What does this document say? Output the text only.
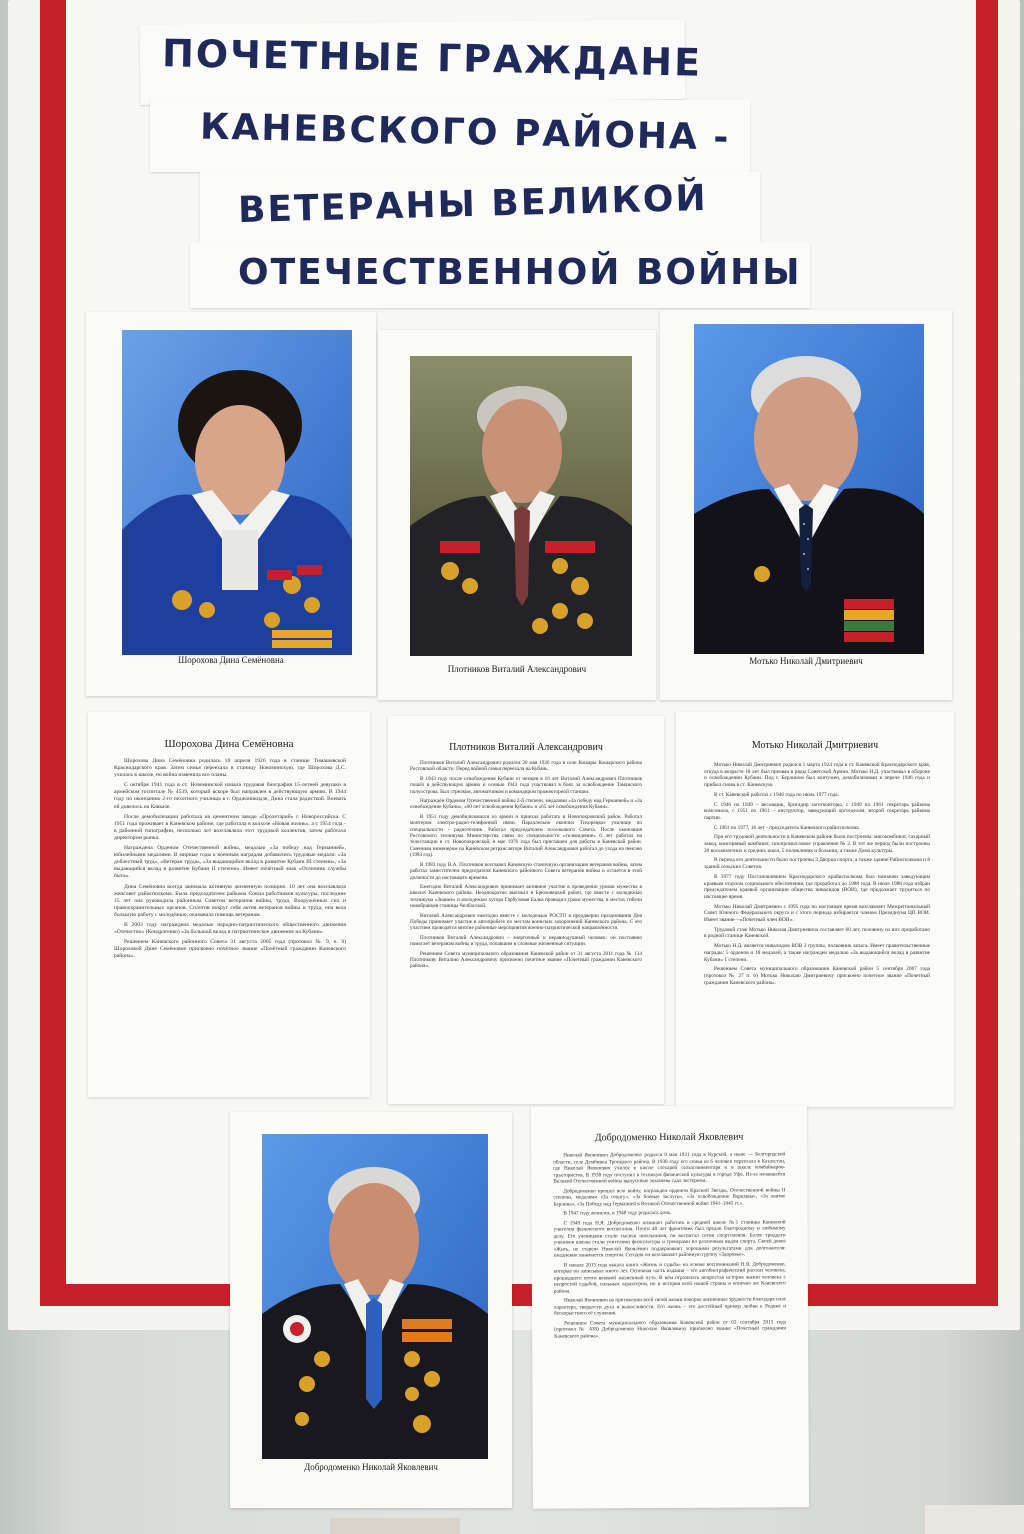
ПОЧЕТНЫЕ ГРАЖДАНЕ
КАНЕВСКОГО РАЙОНА -
ВЕТЕРАНЫ ВЕЛИКОЙ
ОТЕЧЕСТВЕННОЙ ВОЙНЫ
Шорохова Дина Семёновна
Плотников Виталий Александрович
Мотько Николай Дмитриевич
Шорохова Дина Семёновна

Шорохова Дина Семёновна родилась 18 апреля 1926 года в станице Тимашевской Краснодарского края. Затем семья переехала в станицу Новоминскую, где Шорохова Д.С. училась в школе, но война изменила все планы.

С октября 1941 года в ст. Новоминской начала трудовая биография 15-летней девушки в армейском госпитале № 4539, который вскоре был направлен в действующую армию. В 1944 году по окончанию 2-го пехотного училища в г. Орджоникидзе, Дина стала радисткой. Воевать ей довелось на Кавказе.

После демобилизации работала на цементном заводе «Пролетарий» г. Новороссийска. С 1951 года проживает в Каневском районе, где работала в колхозе «Новая жизнь», а с 1954 года - в районной типографии, несколько лет возглавляла этот трудовой коллектив, затем работала директором рынка.

Награждена Орденом Отечественной войны, медалью «За победу над Германией», юбилейными медалями. В мирные годы к военным наградам добавились трудовые медали: «За доблестный труд», «Ветеран труда», «За выдающийся вклад в развитие Кубани III степени», «За выдающийся вклад в развитие Кубани II степени». Имеет почётный знак «Отличник службы быта».

Дина Семёновна всегда занимала активную жизненную позицию. 10 лет она возглавляла женсовет райисполкома. Была председателем райкома Союза работников культуры, последние 15 лет она руководила районным Советом ветеранов войны, труда, Вооружённых сил и правоохранительных органов. Сплотив вокруг себя актив ветеранов войны и труда, она вела большую работу с молодёжью, оказывала помощь ветеранам.

В 2003 году награждена медалью народно-патриотического общественного движения «Отечество» (Кондратенко) «За большой вклад в патриотическое движение на Кубани».

Решением Каневского районного Совета 31 августа 2005 года (протокол № 9, п. 9) Шороховой Дине Семёновне присвоено почётное звание «Почётный гражданин Каневского района».

Плотников Виталий Александрович

Плотников Виталий Александрович родился 20 мая 1926 года в селе Кошары Кошарского района Ростовской области. Перед войной семья переехала на Кубань.

В 1943 году после освобождения Кубани от немцев в 16 лет Виталий Александрович Плотников пошёл в действующую армию и осенью 1943 года участвовал в боях за освобождение Таманского полуострова. Был стрелком, автоматчиком и командиром прожекторной станции.

Награждён Орденом Отечественной войны 2-й степени, медалями «За победу над Германией» и «За освобождение Кубани», «60 лет освобождения Кубани» и «65 лет освобождения Кубани».

В 1951 году демобилизовался из армии и приехал работать в Новопокровский район. Работал монтером электро-радио-телефонной связи. Параллельно окончил Тихорецкое училище по специальности - радиотехник. Работал председателем поселкового Совета. После окончания Ростовского техникума Министерства связи по специальности «телевидение» 6 лет работал на телестанции в ст. Новопокровской, в мае 1976 года был приглашен для работы в Каневской район. Сменным инженером на Каневском ретрансляторе Виталий Александрович работал до ухода на пенсию (1983 год).

В 1983 году В.А. Плотников возглавил Каневскую станичную организацию ветеранов войны, затем работал заместителем председателя Каневского районного Совета ветеранов войны и остается в этой должности до настоящего времени.

Ежегодно Виталий Александрович принимает активное участие в проведении уроков мужества в школах Каневского района. Неоднократно выезжал в Брюховецкий район, где вместе с молодежью техникума «Знание» и молодежью хутора Гарбузовая Балка проводил уроки мужества, в местах гибели новобранцев станицы Челбасской.

Виталий Александрович ежегодно вместе с молодежью РОСТО в преддверии празднования Дня Победы принимает участие в автопробеге по местам воинских захоронений Каневского района. С его участием проводятся многие районные мероприятия военно-патриотической направленности.

Плотников Виталий Александрович – энергичный и неравнодушный человек: он постоянно помогает ветеранам войны и труда, попавшим в сложные жизненные ситуации.

Решением Совета муниципального образования Каневской район от 31 августа 2011 года № 134 Плотникову Виталию Александровичу присвоено почетное звание «Почетный гражданин Каневского района».

Мотько Николай Дмитриевич

Мотько Николай Дмитриевич родился 1 марта 1924 года в ст. Каневской Краснодарского края, откуда в возрасте 18 лет был призван в ряды Советской Армии. Мотько Н.Д. участвовал в обороне и освобождении Кубани. Под г. Берлином был контужен, демобилизован в апреле 1946 года и прибыл снова в ст. Каневскую.

В ст. Каневской работал с 1946 года по июль 1977 года.

С 1946 по 1949 – весовщик, бригадир заготконторы, с 1949 по 1961 секретарь райкома комсомола, с 1951 по 1961 – инструктор, заведующий орготделом, второй секретарь райкома партии.

С 1961 по 1977, 16 лет - председатель Каневского райисполкома.

При его трудовой деятельности в Каневском районе были построены: мясокомбинат, сахарный завод, консервный комбинат, газопромысловое управление № 2. В тот же период были построены 20 восьмилетних и средних школ, 5 поликлиник и больниц, а также Дома культуры.

В период его деятельности были построены 3 Дворца спорта, а также здание Райисполкома и 8 зданий сельских Советов.

В 1977 году Постановлением Краснодарского крайисполкома был назначен заведующим краевым отделом социального обеспечения, где проработал до 1988 года. В июле 1988 года избран председателем краевой организации общества инвалидов (ВОИ), где продолжает трудиться по настоящее время.

Мотько Николай Дмитриевич с 1995 года по настоящее время возглавляет Межрегиональный Совет Южного Федерального округа и с этого периода избирается членом Президиума ЦП ВОИ. Имеет звание—«Почетный член ВОИ».

Трудовой стаж Мотько Николая Дмитриевича составляет 60 лет, половину из них проработано в родной станице Каневской.

Мотько Н.Д. является инвалидом ВОВ 2 группы, полковник запаса. Имеет правительственные награды: 5 орденов и 18 медалей, а также награжден медалью «За выдающийся вклад в развитие Кубани» 1 степени.

Решением Совета муниципального образования Каневской район 5 сентября 2007 года (протокол № 27 п. 6) Мотько Николаю Дмитриевичу присвоено почетное звание «Почетный гражданин Каневского района».

Добродоменко Николай Яковлевич
Добродоменко Николай Яковлевич

Николай Яковлевич Добродоменко родился 9 мая 1921 года в Курской, а ныне — Белгородской области, селе Дембинка Троицкого района. В 1930 году его семья из 6 человек переехала в Казахстан, где Николай Яковлевич учился в школе слесарей сельхозинвентаря и в школе комбайнеров-трактористов. В 1938 году поступил в техникум физической культуры в городе Уфе. Из-за начавшейся Великой Отечественной войны выпускные экзамены сдал экстерном.

Добродоменко прошел всю войну, награжден орденом Красной Звезды, Отечественной войны II степени, медалями «За отвагу», «За боевые заслуги», «За освобождение Варшавы», «За взятие Берлина», «За Победу над Германией в Великой Отечественной войне 1941–1945 гг.».

В 1947 году женился, в 1948 году родилась дочь.

С 1949 года Н.Я. Добродоменко начинает работать в средней школе №1 станицы Каневской учителем физического воспитания. Почти 40 лет фронтовик был предан благородному и любимому делу. Его ученицами стали тысячи школьников, он воспитал сотни спортсменов. Более тридцати учеников школы стали учителями физкультуры и тренерами по различным видам спорта. Своей девиз «Жить, не старея» Николай Яковлевич поддерживает хорошими результатами для долгожителя: ежедневно занимается спортом. Сегодня он возглавляет районную группу «Здоровье».

В начале 2015 года вышла книга «Жизнь и судьба» на основе воспоминаний Н.Я. Добродоменко, которые он записывал много лет. Основная часть издания – это автобиографический рассказ человека, прошедшего почти вековой жизненный путь. В нём отразилась непростая история жизни человека с непростой судьбой, сильным характером, но и история всей нашей страны и конечно же Каневского района.

Николай Яковлевич на протяжении всей своей жизни покорял жизненные трудности благодаря силе характера, твердости духа и выносливости. Его жизнь – это достойный пример любви к Родине и бескорыстного её служения.

Решением Совета муниципального образования Каневской район от 02 сентября 2015 года (протокол № 438) Добродоменко Николаю Яковлевичу присвоено звание «Почетный гражданин Каневского района».
